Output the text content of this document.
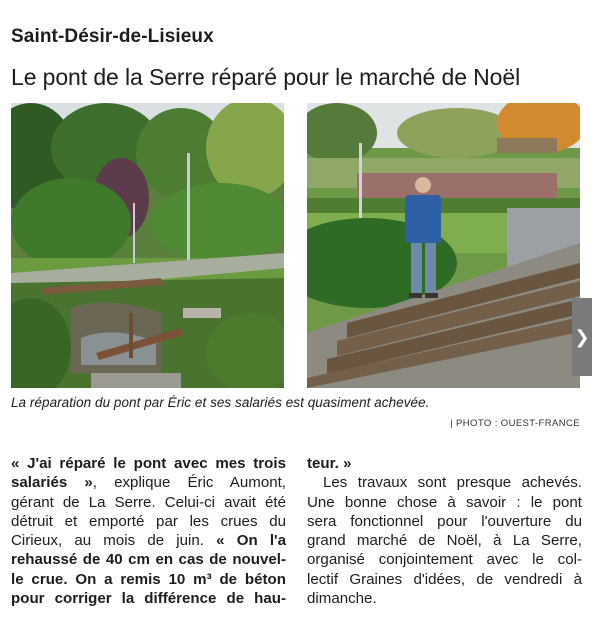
Saint-Désir-de-Lisieux
Le pont de la Serre réparé pour le marché de Noël
La réparation du pont par Éric et ses salariés est quasiment achevée.
| PHOTO : OUEST-FRANCE
« J'ai réparé le pont avec mes trois
salariés », explique Éric Aumont,
gérant de La Serre. Celui-ci avait été
détruit et emporté par les crues du
Cirieux, au mois de juin. « On l'a
rehaussé de 40 cm en cas de nouvel-
le crue. On a remis 10 m³ de béton
pour corriger la différence de hau-
teur. »
Les travaux sont presque achevés.
Une bonne chose à savoir : le pont
sera fonctionnel pour l'ouverture du
grand marché de Noël, à La Serre,
organisé conjointement avec le col-
lectif Graines d'idées, de vendredi à
dimanche.
❯
